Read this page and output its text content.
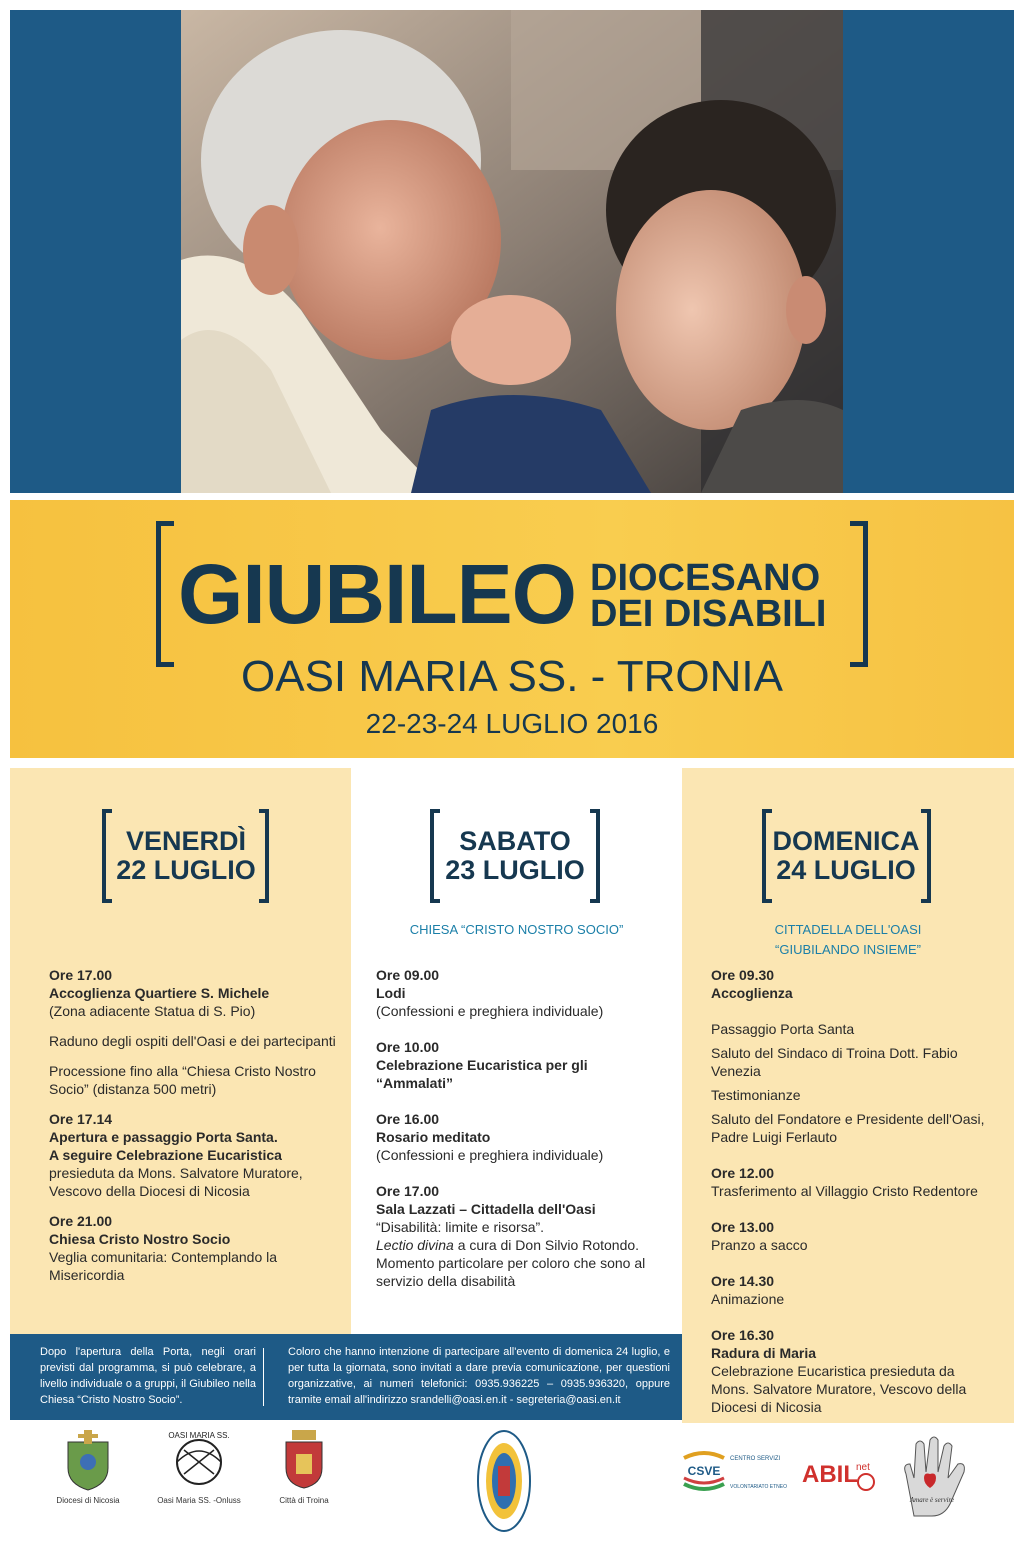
GIUBILEO DIOCESANO
DEI DISABILI
OASI MARIA SS. - TRONIA
22-23-24 LUGLIO 2016
VENERDÌ
22 LUGLIO
SABATO
23 LUGLIO
DOMENICA
24 LUGLIO
CHIESA “CRISTO NOSTRO SOCIO”	CITTADELLA DELL'OASI
“GIUBILANDO INSIEME”
Ore 17.00
Accoglienza Quartiere S. Michele
(Zona adiacente Statua di S. Pio)
Raduno degli ospiti dell'Oasi e dei partecipanti
Processione fino alla “Chiesa Cristo Nostro Socio” (distanza 500 metri)
Ore 17.14
Apertura e passaggio Porta Santa.
A seguire Celebrazione Eucaristica
presieduta da Mons. Salvatore Muratore, Vescovo della Diocesi di Nicosia
Ore 21.00
Chiesa Cristo Nostro Socio
Veglia comunitaria: Contemplando la Misericordia
Ore 09.00
Lodi
(Confessioni e preghiera individuale)
Ore 10.00
Celebrazione Eucaristica per gli “Ammalati”
Ore 16.00
Rosario meditato
(Confessioni e preghiera individuale)
Ore 17.00
Sala Lazzati – Cittadella dell'Oasi
“Disabilità: limite e risorsa”.
Lectio divina a cura di Don Silvio Rotondo. Momento particolare per coloro che sono al servizio della disabilità
Ore 09.30
Accoglienza
Passaggio Porta Santa
Saluto del Sindaco di Troina Dott. Fabio Venezia
Testimonianze
Saluto del Fondatore e Presidente dell'Oasi, Padre Luigi Ferlauto
Ore 12.00
Trasferimento al Villaggio Cristo Redentore
Ore 13.00
Pranzo a sacco
Ore 14.30
Animazione
Ore 16.30
Radura di Maria
Celebrazione Eucaristica presieduta da Mons. Salvatore Muratore, Vescovo della Diocesi di Nicosia
Dopo l'apertura della Porta, negli orari previsti dal programma, si può celebrare, a livello individuale o a gruppi, il Giubileo nella Chiesa “Cristo Nostro Socio”.
Coloro che hanno intenzione di partecipare all'evento di domenica 24 luglio, e per tutta la giornata, sono invitati a dare previa comunicazione, per questioni organizzative, ai numeri telefonici: 0935.936225 – 0935.936320, oppure tramite email all'indirizzo srandelli@oasi.en.it - segreteria@oasi.en.it
Diocesi di Nicosia
OASI MARIA SS.
Oasi Maria SS. -Onluss	Città di Troina
CSVE
CENTRO SERVIZI
VOLONTARIATO ETNEO ABIL
net
Amare è servire
